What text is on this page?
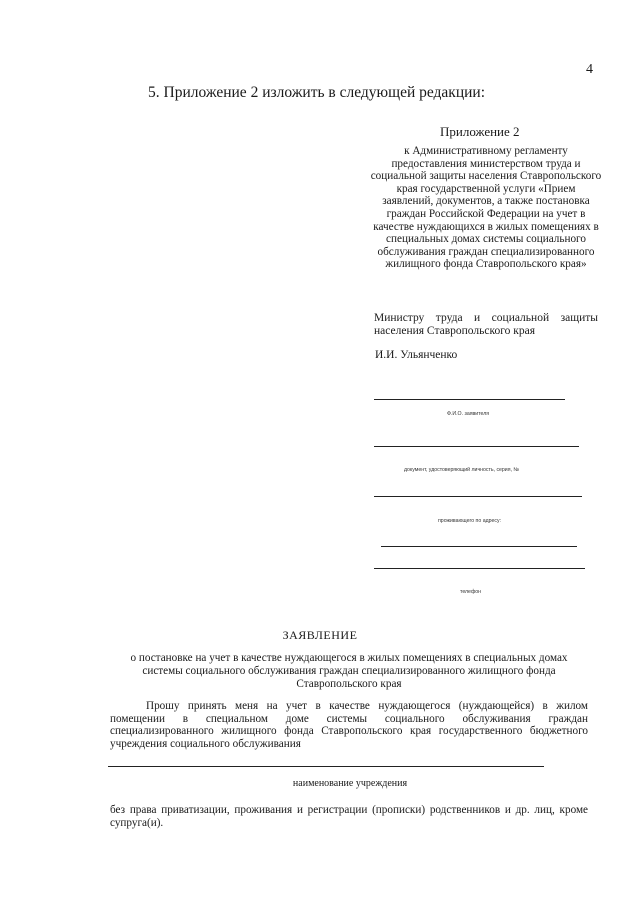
4
5. Приложение 2 изложить в следующей редакции:
Приложение 2
к Административному регламенту предоставления министерством труда и социальной защиты населения Ставропольского края государственной услуги «Прием заявлений, документов, а также постановка граждан Российской Федерации на учет в качестве нуждающихся в жилых помещениях в специальных домах системы социального обслуживания граждан специализированного жилищного фонда Ставропольского края»
Министру труда и социальной защиты населения Ставропольского края
И.И. Ульянченко
Ф.И.О. заявителя
документ, удостоверяющий личность, серия, №
проживающего по адресу:
телефон
ЗАЯВЛЕНИЕ
о постановке на учет в качестве нуждающегося в жилых помещениях в специальных домах системы социального обслуживания граждан специализированного жилищного фонда Ставропольского края
Прошу принять меня на учет в качестве нуждающегося (нуждающейся) в жилом помещении в специальном доме системы социального обслуживания граждан специализированного жилищного фонда Ставропольского края государственного бюджетного учреждения социального обслуживания
наименование учреждения
без права приватизации, проживания и регистрации (прописки) родственников и др. лиц, кроме супруга(и).
